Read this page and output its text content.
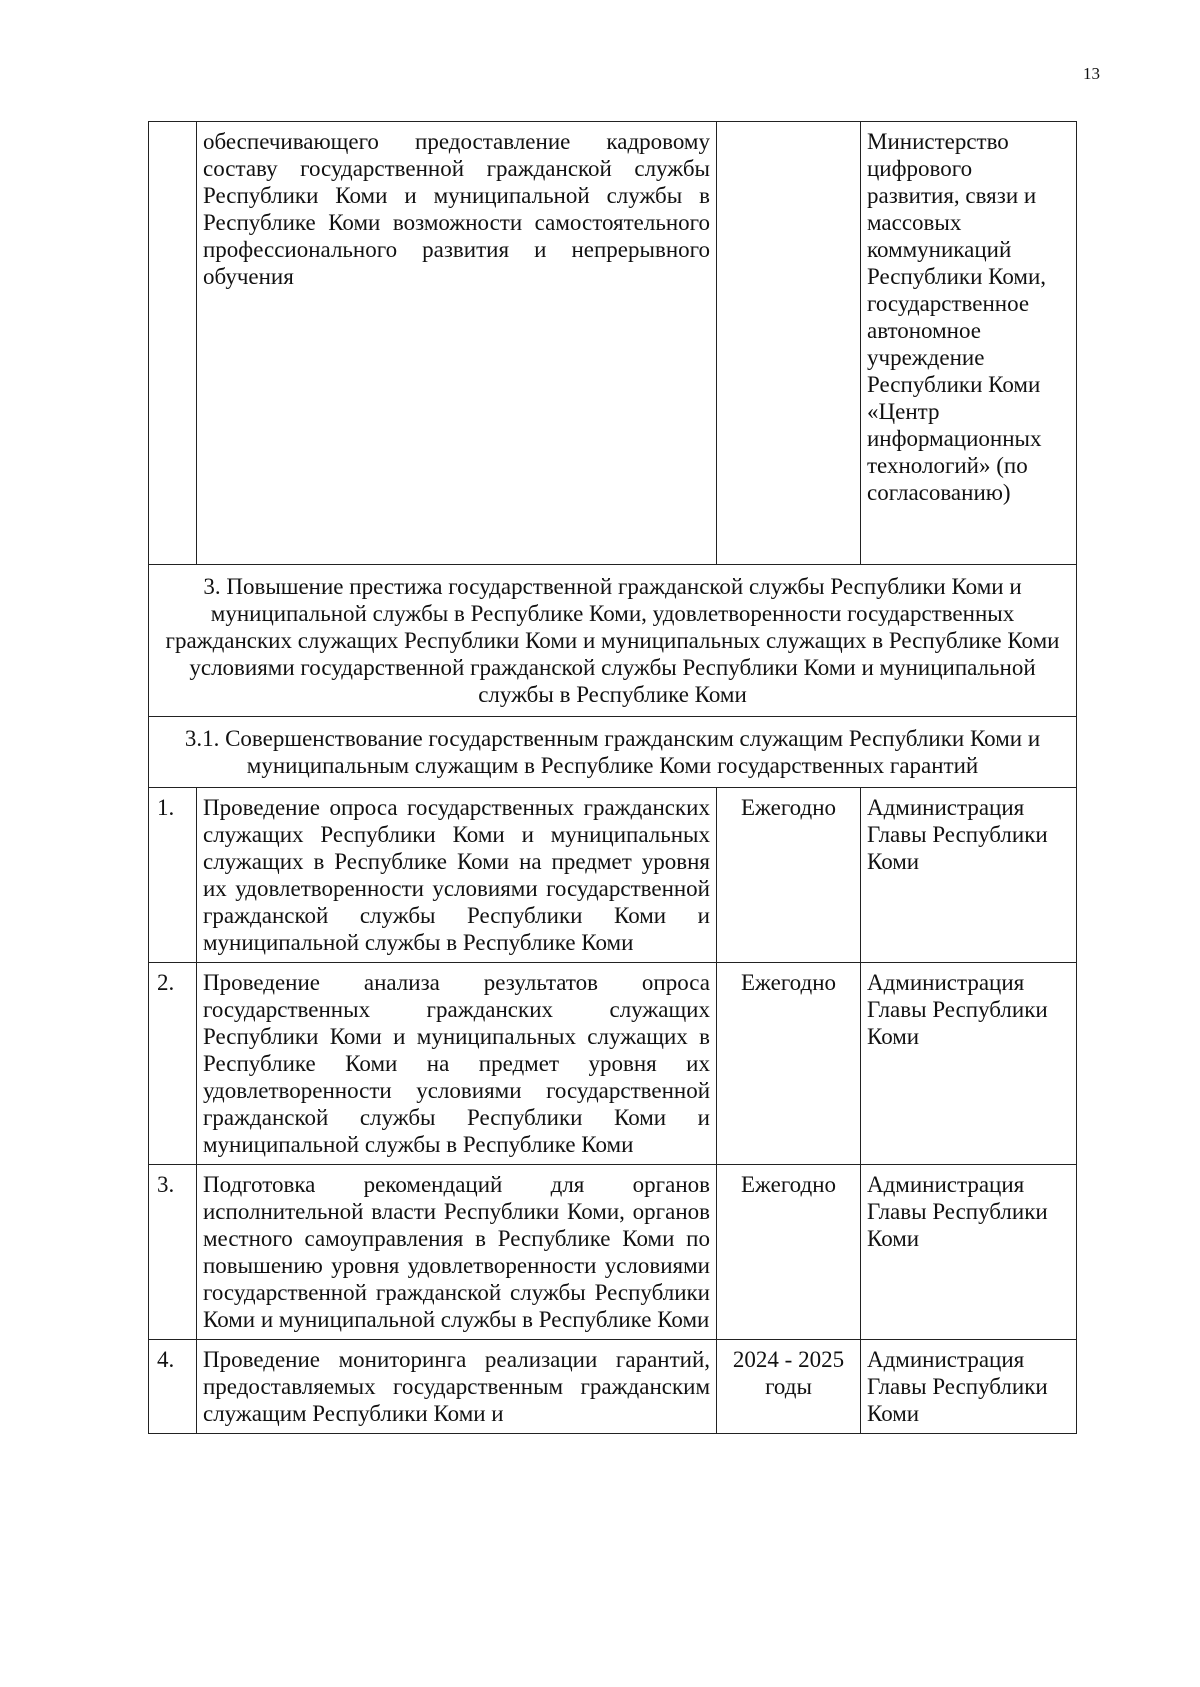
13
	обеспечивающего предоставление кадровому составу государственной гражданской службы Республики Коми и муниципальной службы в Республике Коми возможности самостоятельного профессионального развития и непрерывного обучения		Министерство цифрового развития, связи и массовых коммуникаций Республики Коми, государственное автономное учреждение Республики Коми «Центр информационных технологий» (по согласованию)
3. Повышение престижа государственной гражданской службы Республики Коми и муниципальной службы в Республике Коми, удовлетворенности государственных гражданских служащих Республики Коми и муниципальных служащих в Республике Коми условиями государственной гражданской службы Республики Коми и муниципальной службы в Республике Коми			
3.1. Совершенствование государственным гражданским служащим Республики Коми и муниципальным служащим в Республике Коми государственных гарантий			
1.	Проведение опроса государственных гражданских служащих Республики Коми и муниципальных служащих в Республике Коми на предмет уровня их удовлетворенности условиями государственной гражданской службы Республики Коми и муниципальной службы в Республике Коми	Ежегодно	Администрация Главы Республики Коми
2.	Проведение анализа результатов опроса государственных гражданских служащих Республики Коми и муниципальных служащих в Республике Коми на предмет уровня их удовлетворенности условиями государственной гражданской службы Республики Коми и муниципальной службы в Республике Коми	Ежегодно	Администрация Главы Республики Коми
3.	Подготовка рекомендаций для органов исполнительной власти Республики Коми, органов местного самоуправления в Республике Коми по повышению уровня удовлетворенности условиями государственной гражданской службы Республики Коми и муниципальной службы в Республике Коми	Ежегодно	Администрация Главы Республики Коми
4.	Проведение мониторинга реализации гарантий, предоставляемых государственным гражданским служащим Республики Коми и	2024 - 2025 годы	Администрация Главы Республики Коми
